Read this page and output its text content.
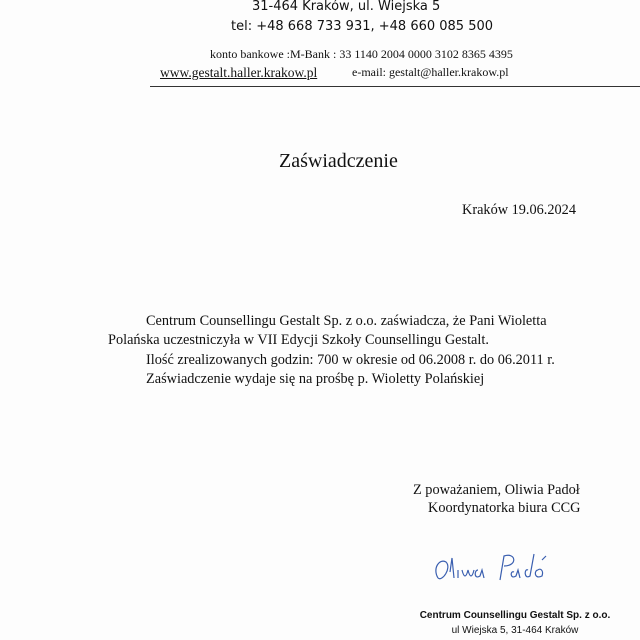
31-464 Kraków, ul. Wiejska 5
tel: +48 668 733 931, +48 660 085 500
konto bankowe :M-Bank : 33 1140 2004 0000 3102 8365 4395
www.gestalt.haller.krakow.pl	e-mail: gestalt@haller.krakow.pl
Zaświadczenie
Kraków 19.06.2024
Centrum Counsellingu Gestalt Sp. z o.o. zaświadcza, że Pani Wioletta
Polańska uczestniczyła w VII Edycji Szkoły Counsellingu Gestalt.
Ilość zrealizowanych godzin: 700 w okresie od 06.2008 r. do 06.2011 r.
Zaświadczenie wydaje się na prośbę p. Wioletty Polańskiej
Z poważaniem, Oliwia Padoł
Koordynatorka biura CCG
Centrum Counsellingu Gestalt Sp. z o.o.
ul Wiejska 5, 31-464 Kraków
